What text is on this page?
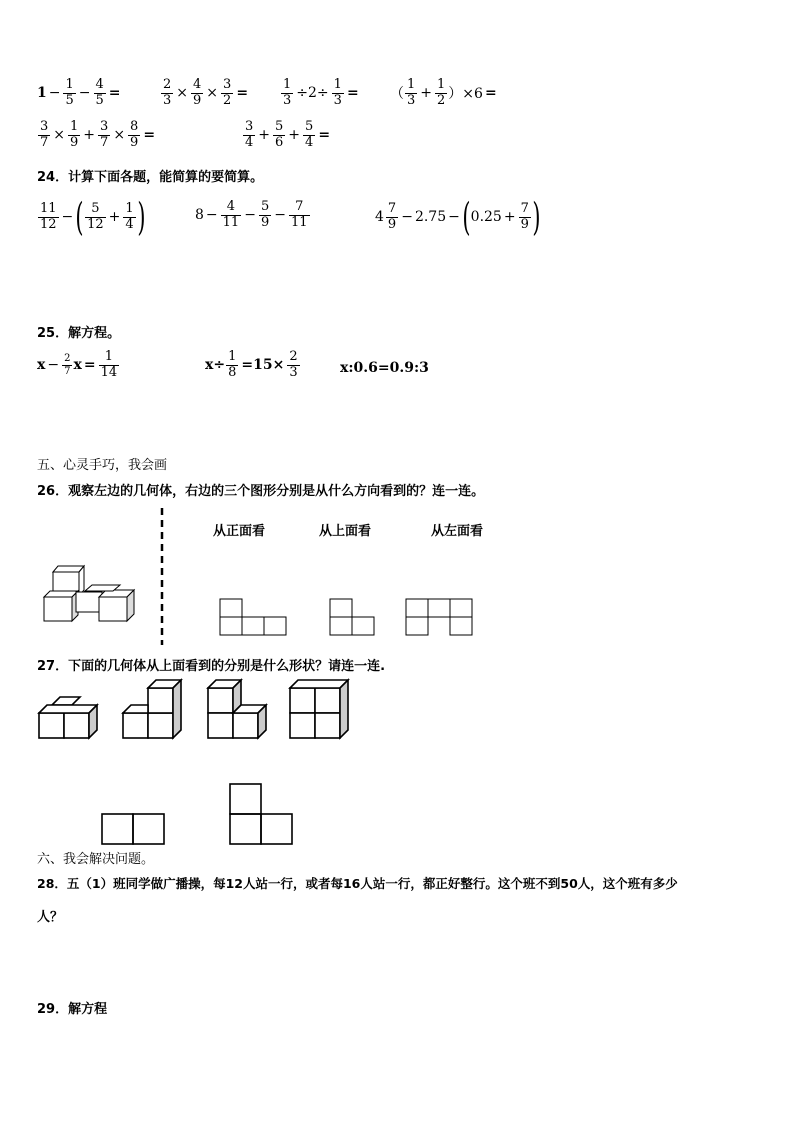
$1 - \frac{1}{5} - \frac{4}{5}$ =	$\frac{2}{3} \times \frac{4}{9} \times \frac{3}{2}$ =	$\frac{1}{3} \div 2\div \frac{1}{3}$ = （ $\frac{1}{3} + \frac{1}{2} )\times 6$ =
$\frac{3}{7} \times \frac{1}{9} + \frac{3}{7} \times \frac{8}{9}$ =	$\frac{3}{4} + \frac{5}{6} + \frac{5}{4}$ =
24．计算下面各题，能简算的要简算。
$\frac{11}{12}$ − ( $\frac{5}{12} + \frac{1}{4}$ )	$8 - \frac{4}{11} - \frac{5}{9} - \frac{7}{11}$	$4 \frac{7}{9} - 2.75$ − ( $0.25 + \frac{7}{9}$ )
25．解方程。
$x - \frac{2}{7}$ $x = \frac{1}{14}$	$x\div \frac{1}{8} =15\times \frac{2}{3}$	x:0.6=0.9:3
五、心灵手巧，我会画
26．观察左边的几何体，右边的三个图形分别是从什么方向看到的？连一连。
从正面看	从上面看	从左面看
27．下面的几何体从上面看到的分别是什么形状？请连一连.
六、我会解决问题。
28．五（1）班同学做广播操，每12人站一行，或者每16人站一行，都正好整行。这个班不到50人，这个班有多少
人？
29．解方程
